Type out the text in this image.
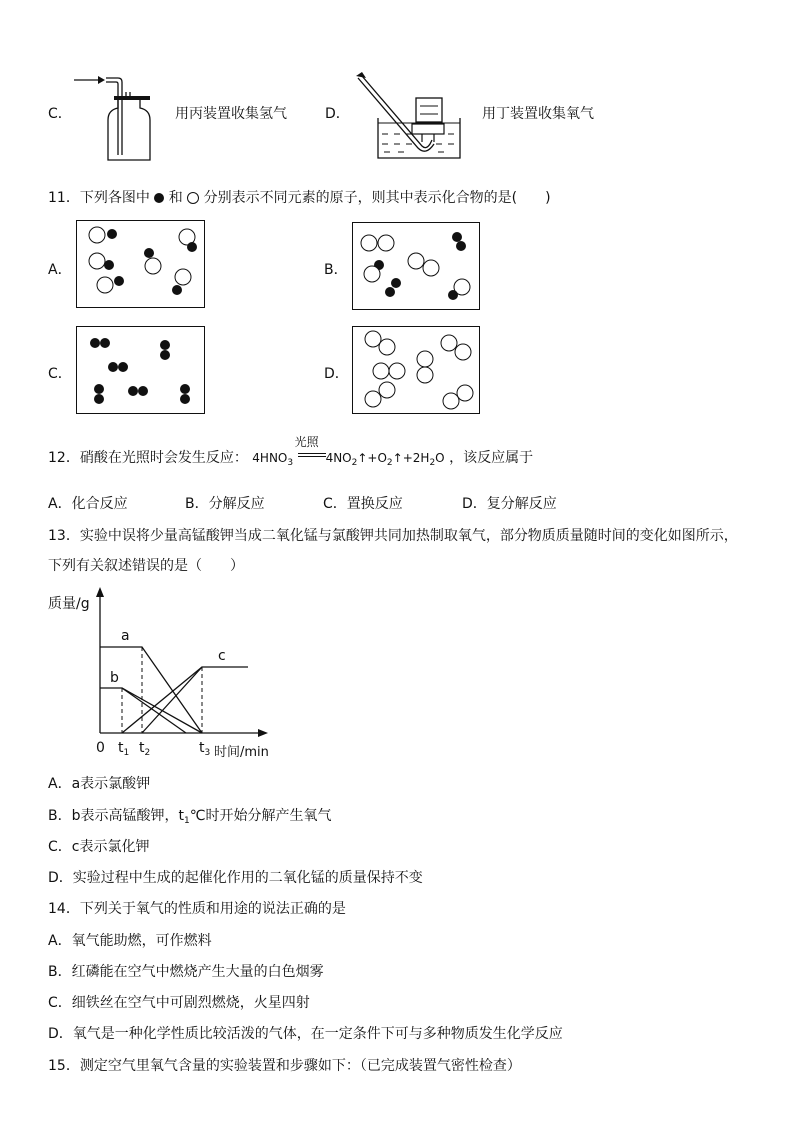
C．	用丙装置收集氢气	D．	用丁装置收集氧气
11．下列各图中 和 分别表示不同元素的原子，则其中表示化合物的是(　　)
A．	B．
C．	D．
12．硝酸在光照时会发生反应： $4HNO_3$
光照
$4NO_2↑+O_2↑+2H_2O$ ，该反应属于
A．化合反应	B．分解反应	C．置换反应	D．复分解反应
13．实验中误将少量高锰酸钾当成二氧化锰与氯酸钾共同加热制取氧气，部分物质质量随时间的变化如图所示，
下列有关叙述错误的是（　　）
质量/g
a
b
c
0 $t_1$ $t_2$	$t_3$ 时间/min
A．a表示氯酸钾
B．b表示高锰酸钾，$t_1℃$时开始分解产生氧气
C．c表示氯化钾
D．实验过程中生成的起催化作用的二氧化锰的质量保持不变
14．下列关于氧气的性质和用途的说法正确的是
A．氧气能助燃，可作燃料
B．红磷能在空气中燃烧产生大量的白色烟雾
C．细铁丝在空气中可剧烈燃烧，火星四射
D．氧气是一种化学性质比较活泼的气体，在一定条件下可与多种物质发生化学反应
15．测定空气里氧气含量的实验装置和步骤如下：（已完成装置气密性检查）
